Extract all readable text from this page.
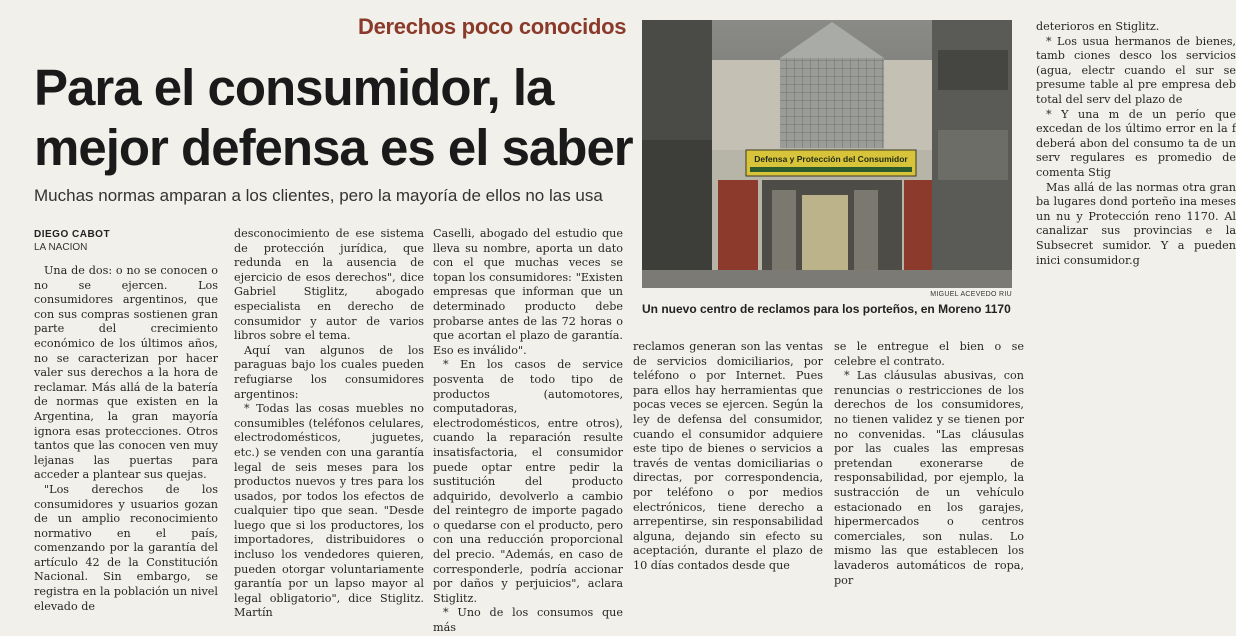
Derechos poco conocidos
Para el consumidor, la
mejor defensa es el saber
Muchas normas amparan a los clientes, pero la mayoría de ellos no las usa
DIEGO CABOT
LA NACION

Una de dos: o no se conocen o no se ejercen. Los consumidores argentinos, que con sus compras sostienen gran parte del crecimiento económico de los últimos años, no se caracterizan por hacer valer sus derechos a la hora de reclamar. Más allá de la batería de normas que existen en la Argentina, la gran mayoría ignora esas protecciones. Otros tantos que las conocen ven muy lejanas las puertas para acceder a plantear sus quejas.

"Los derechos de los consumidores y usuarios gozan de un amplio reconocimiento normativo en el país, comenzando por la garantía del artículo 42 de la Constitución Nacional. Sin embargo, se registra en la población un nivel elevado de

desconocimiento de ese sistema de protección jurídica, que redunda en la ausencia de ejercicio de esos derechos", dice Gabriel Stiglitz, abogado especialista en derecho de consumidor y autor de varios libros sobre el tema.

Aquí van algunos de los paraguas bajo los cuales pueden refugiarse los consumidores argentinos:

* Todas las cosas muebles no consumibles (teléfonos celulares, electrodomésticos, juguetes, etc.) se venden con una garantía legal de seis meses para los productos nuevos y tres para los usados, por todos los efectos de cualquier tipo que sean. "Desde luego que si los productores, los importadores, distribuidores o incluso los vendedores quieren, pueden otorgar voluntariamente garantía por un lapso mayor al legal obligatorio", dice Stiglitz. Martín

Caselli, abogado del estudio que lleva su nombre, aporta un dato con el que muchas veces se topan los consumidores: "Existen empresas que informan que un determinado producto debe probarse antes de las 72 horas o que acortan el plazo de garantía. Eso es inválido".

* En los casos de service posventa de todo tipo de productos (automotores, computadoras, electrodomésticos, entre otros), cuando la reparación resulte insatisfactoria, el consumidor puede optar entre pedir la sustitución del producto adquirido, devolverlo a cambio del reintegro de importe pagado o quedarse con el producto, pero con una reducción proporcional del precio. "Además, en caso de corresponderle, podría accionar por daños y perjuicios", aclara Stiglitz.

* Uno de los consumos que más

Defensa y Protección del Consumidor
MIGUEL ACEVEDO RIU
Un nuevo centro de reclamos para los porteños, en Moreno 1170

reclamos generan son las ventas de servicios domiciliarios, por teléfono o por Internet. Pues para ellos hay herramientas que pocas veces se ejercen. Según la ley de defensa del consumidor, cuando el consumidor adquiere este tipo de bienes o servicios a través de ventas domiciliarias o directas, por correspondencia, por teléfono o por medios electrónicos, tiene derecho a arrepentirse, sin responsabilidad alguna, dejando sin efecto su aceptación, durante el plazo de 10 días contados desde que

se le entregue el bien o se celebre el contrato.

* Las cláusulas abusivas, con renuncias o restricciones de los derechos de los consumidores, no tienen validez y se tienen por no convenidas. "Las cláusulas por las cuales las empresas pretendan exonerarse de responsabilidad, por ejemplo, la sustracción de un vehículo estacionado en los garajes, hipermercados o centros comerciales, son nulas. Lo mismo las que establecen los lavaderos automáticos de ropa, por

deterioros en Stiglitz.

* Los usua hermanos de bienes, tamb ciones desco los servicios (agua, electr cuando el sur se presume table al pre empresa deb total del serv del plazo de

* Y una m de un perío que excedan de los último error en la f deberá abon del consumo ta de un serv regulares es promedio de comenta Stig

Mas allá de las normas otra gran ba lugares dond porteño ina meses un nu y Protección reno 1170. Al canalizar sus provincias e la Subsecret sumidor. Y a pueden inici consumidor.g
